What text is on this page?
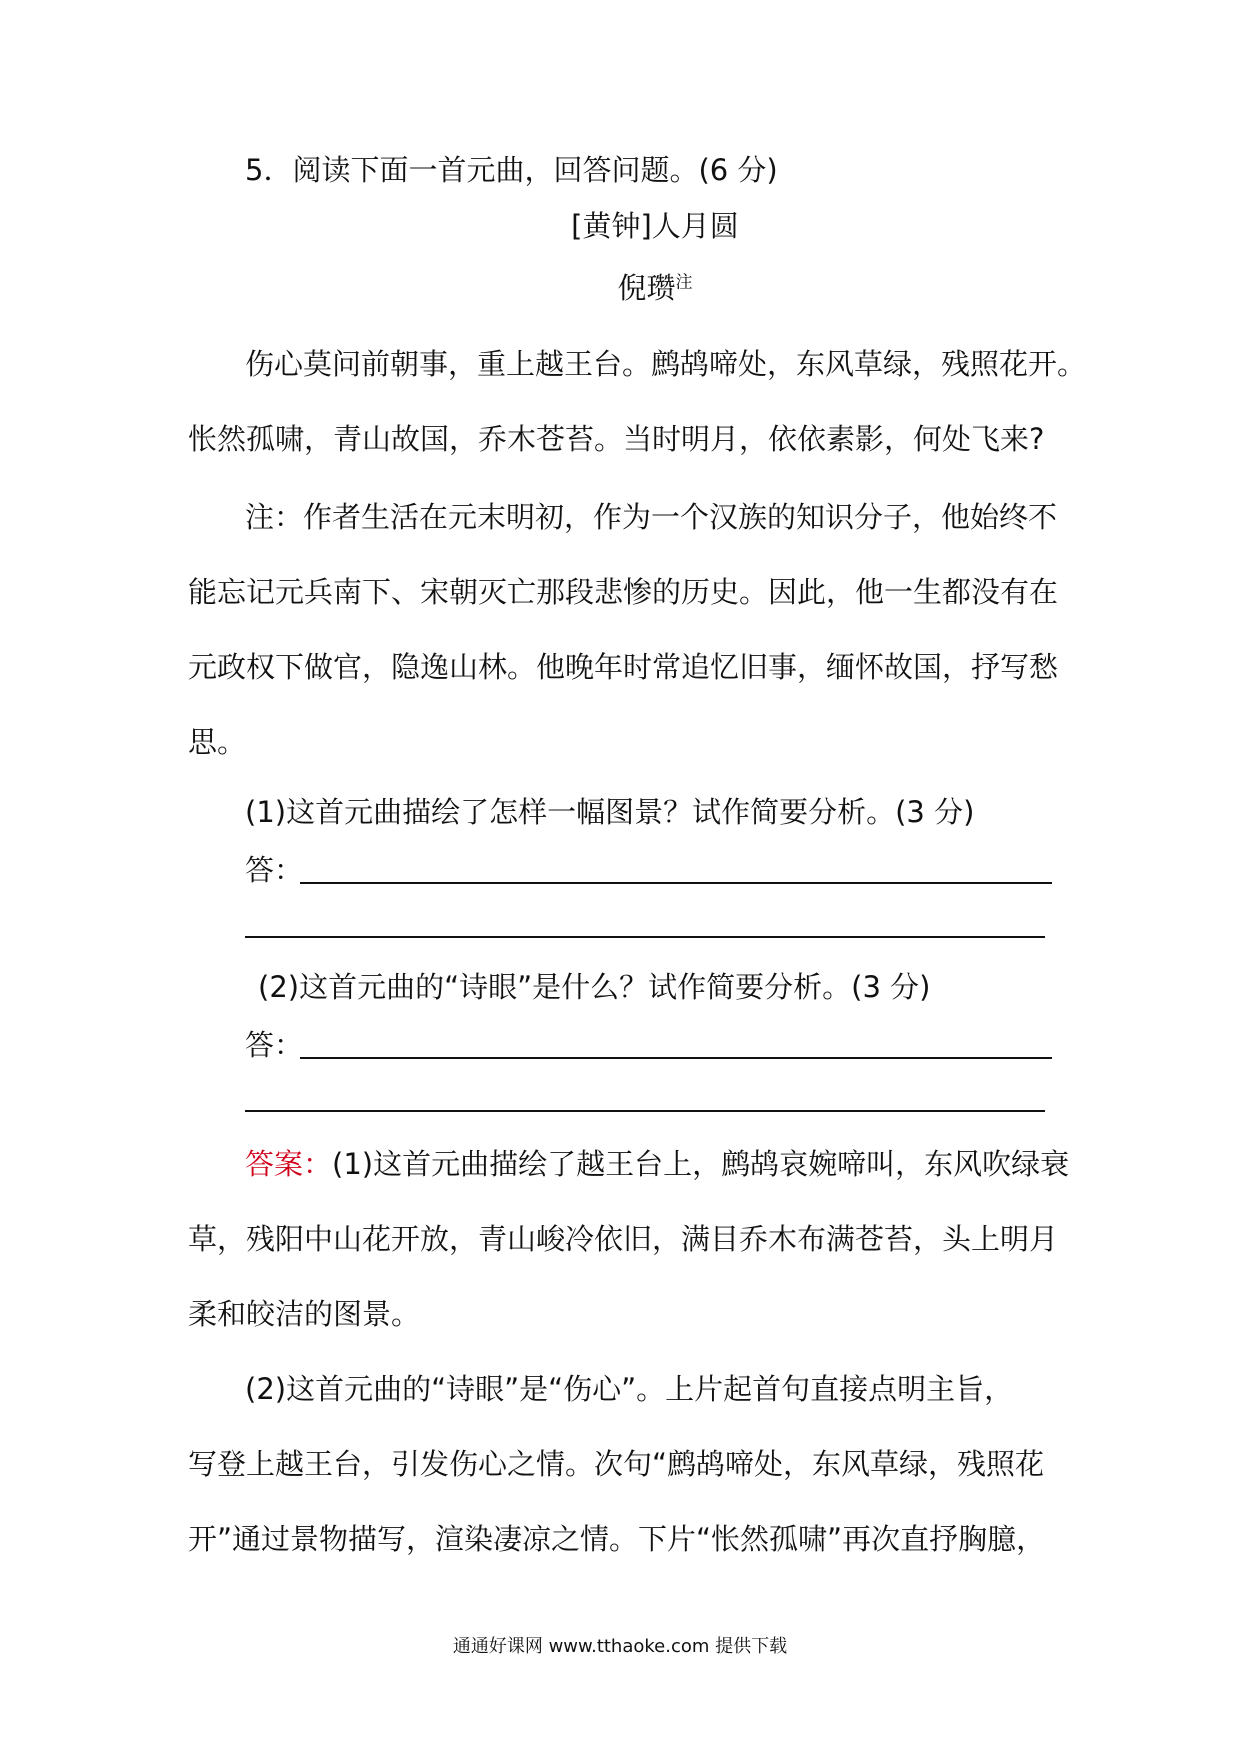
5．阅读下面一首元曲，回答问题。(6 分)
[黄钟]人月圆
倪瓒$^注$
伤心莫问前朝事，重上越王台。鹧鸪啼处，东风草绿，残照花开。
怅然孤啸，青山故国，乔木苍苔。当时明月，依依素影，何处飞来?
注：作者生活在元末明初，作为一个汉族的知识分子，他始终不
能忘记元兵南下、宋朝灭亡那段悲惨的历史。因此，他一生都没有在
元政权下做官，隐逸山林。他晚年时常追忆旧事，缅怀故国，抒写愁
思。
(1)这首元曲描绘了怎样一幅图景？试作简要分析。(3 分)
答：
(2)这首元曲的“诗眼”是什么？试作简要分析。(3 分)
答：
答案：(1)这首元曲描绘了越王台上，鹧鸪哀婉啼叫，东风吹绿衰
草，残阳中山花开放，青山峻冷依旧，满目乔木布满苍苔，头上明月
柔和皎洁的图景。
(2)这首元曲的“诗眼”是“伤心”。上片起首句直接点明主旨，
写登上越王台，引发伤心之情。次句“鹧鸪啼处，东风草绿，残照花
开”通过景物描写，渲染凄凉之情。下片“怅然孤啸”再次直抒胸臆，
通通好课网 www.tthaoke.com 提供下载
